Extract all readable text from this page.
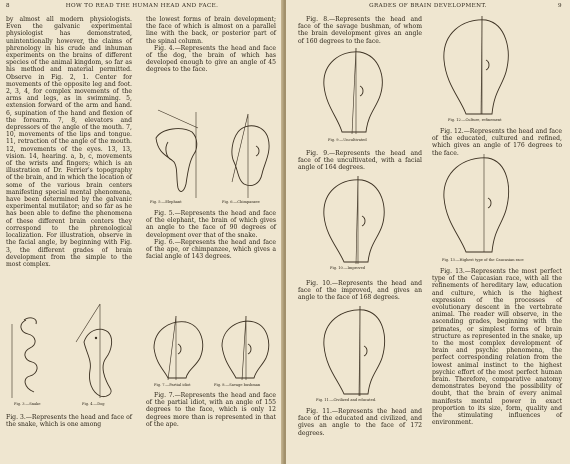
8	HOW TO READ THE HUMAN HEAD AND FACE.

by almost all modern physiologists. Even the galvanic experimental physiologist has demonstrated, unintentionally however, the claims of phrenology in his crude and inhuman experiments on the brains of different species of the animal kingdom, so far as his method and material permitted. Observe in Fig. 2, 1. Center for movements of the opposite leg and foot. 2, 3, 4, for complex movements of the arms and legs, as in swimming. 5, extension forward of the arm and hand. 6, supination of the hand and flexion of the forearm. 7, 8, elevators and depressors of the angle of the mouth. 7, 10, movements of the lips and tongue. 11, retraction of the angle of the mouth. 12, movements of the eyes. 13, 13, vision. 14, hearing. a, b, c, movements of the wrists and fingers; which is an illustration of Dr. Ferrier's topography of the brain, and in which the location of some of the various brain centers manifesting special mental phenomena, have been determined by the galvanic experimental mutilator; and so far as he has been able to define the phenomena of these different brain centers they correspond to the phrenological localization. For illustration, observe in the facial angle, by beginning with Fig. 3, the different grades of brain development from the simple to the most complex.

Fig. 3.—Snake	Fig. 4.—Dog

Fig. 3.—Represents the head and face of the snake, which is one among

the lowest forms of brain development; the face of which is almost on a parallel line with the back, or posterior part of the spinal column.

Fig. 4.—Represents the head and face of the dog, the brain of which has developed enough to give an angle of 45 degrees to the face.

Fig. 5.—Elephant	Fig. 6.—Chimpanzee

Fig. 5.—Represents the head and face of the elephant, the brain of which gives an angle to the face of 90 degrees of development over that of the snake.

Fig. 6.—Represents the head and face of the ape, or chimpanzee, which gives a facial angle of 143 degrees.

Fig. 7.—Partial idiot	Fig. 8.—Savage bushman

Fig. 7.—Represents the head and face of the partial idiot, with an angle of 155 degrees to the face, which is only 12 degrees more than is represented in that of the ape.

GRADES OF BRAIN DEVELOPMENT.	9

Fig. 8.—Represents the head and face of the savage bushman, of whom the brain development gives an angle of 160 degrees to the face.

Fig. 9.—Uncultivated

Fig. 9.—Represents the head and face of the uncultivated, with a facial angle of 164 degrees.

Fig. 10.—Improved

Fig. 10.—Represents the head and face of the improved, and gives an angle to the face of 168 degrees.

Fig. 11.—Civilized and educated.

Fig. 11.—Represents the head and face of the educated and civilized, and gives an angle to the face of 172 degrees.

Fig. 12.—Culture, refinement

Fig. 12.—Represents the head and face of the educated, cultured and refined, which gives an angle of 176 degrees to the face.

Fig. 13.—Highest type of the Caucasian race

Fig. 13.—Represents the most perfect type of the Caucasian race, with all the refinements of hereditary law, education and culture, which is the highest expression of the processes of evolutionary descent in the vertebrate animal. The reader will observe, in the ascending grades, beginning with the primates, or simplest forms of brain structure as represented in the snake, up to the most complex development of brain and psychic phenomena, the perfect corresponding relation from the lowest animal instinct to the highest psychic effort of the most perfect human brain. Therefore, comparative anatomy demonstrates beyond the possibility of doubt, that the brain of every animal manifests mental power in exact proportion to its size, form, quality and the stimulating influences of environment.
